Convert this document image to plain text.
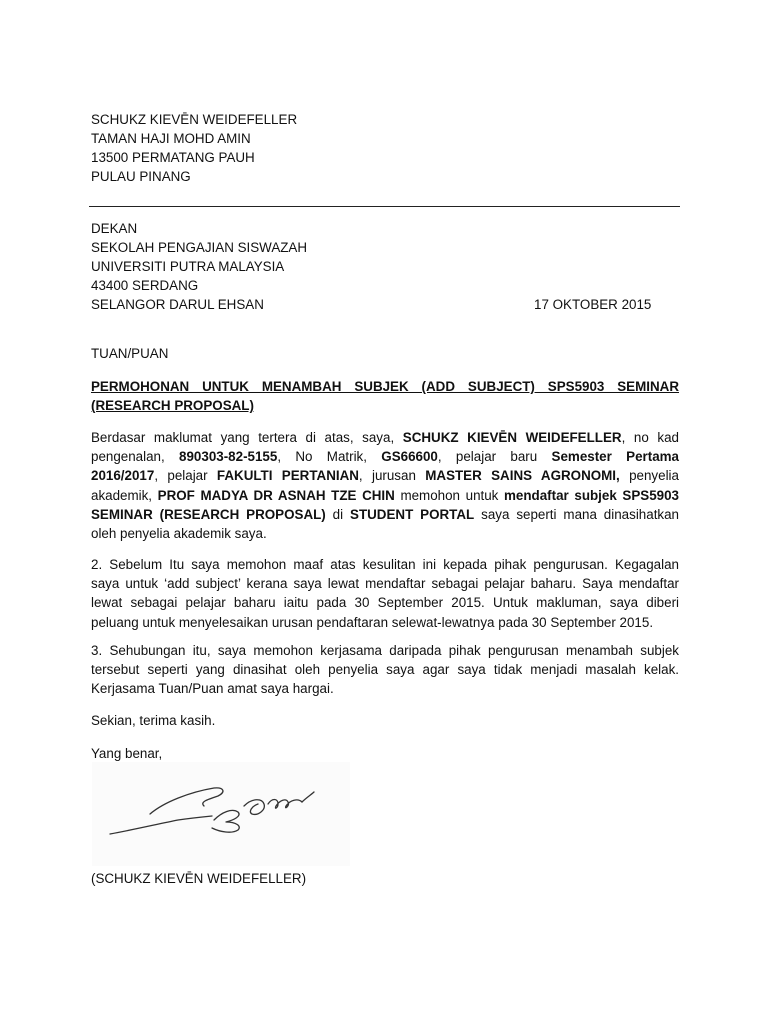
SCHUKZ KIEVĒN WEIDEFELLER
TAMAN HAJI MOHD AMIN
13500 PERMATANG PAUH
PULAU PINANG
DEKAN
SEKOLAH PENGAJIAN SISWAZAH
UNIVERSITI PUTRA MALAYSIA
43400 SERDANG
SELANGOR DARUL EHSAN	17 OKTOBER 2015
TUAN/PUAN
PERMOHONAN UNTUK MENAMBAH SUBJEK (ADD SUBJECT) SPS5903 SEMINAR
(RESEARCH PROPOSAL)
Berdasar maklumat yang tertera di atas, saya, SCHUKZ KIEVĒN WEIDEFELLER, no kad
pengenalan, 890303-82-5155, No Matrik, GS66600, pelajar baru Semester Pertama
2016/2017, pelajar FAKULTI PERTANIAN, jurusan MASTER SAINS AGRONOMI, penyelia
akademik, PROF MADYA DR ASNAH TZE CHIN memohon untuk mendaftar subjek SPS5903
SEMINAR (RESEARCH PROPOSAL) di STUDENT PORTAL saya seperti mana dinasihatkan
oleh penyelia akademik saya.
2. Sebelum Itu saya memohon maaf atas kesulitan ini kepada pihak pengurusan. Kegagalan
saya untuk ‘add subject’ kerana saya lewat mendaftar sebagai pelajar baharu. Saya mendaftar
lewat sebagai pelajar baharu iaitu pada 30 September 2015. Untuk makluman, saya diberi
peluang untuk menyelesaikan urusan pendaftaran selewat-lewatnya pada 30 September 2015.
3. Sehubungan itu, saya memohon kerjasama daripada pihak pengurusan menambah subjek
tersebut seperti yang dinasihat oleh penyelia saya agar saya tidak menjadi masalah kelak.
Kerjasama Tuan/Puan amat saya hargai.
Sekian, terima kasih.
Yang benar,
(SCHUKZ KIEVĒN WEIDEFELLER)
